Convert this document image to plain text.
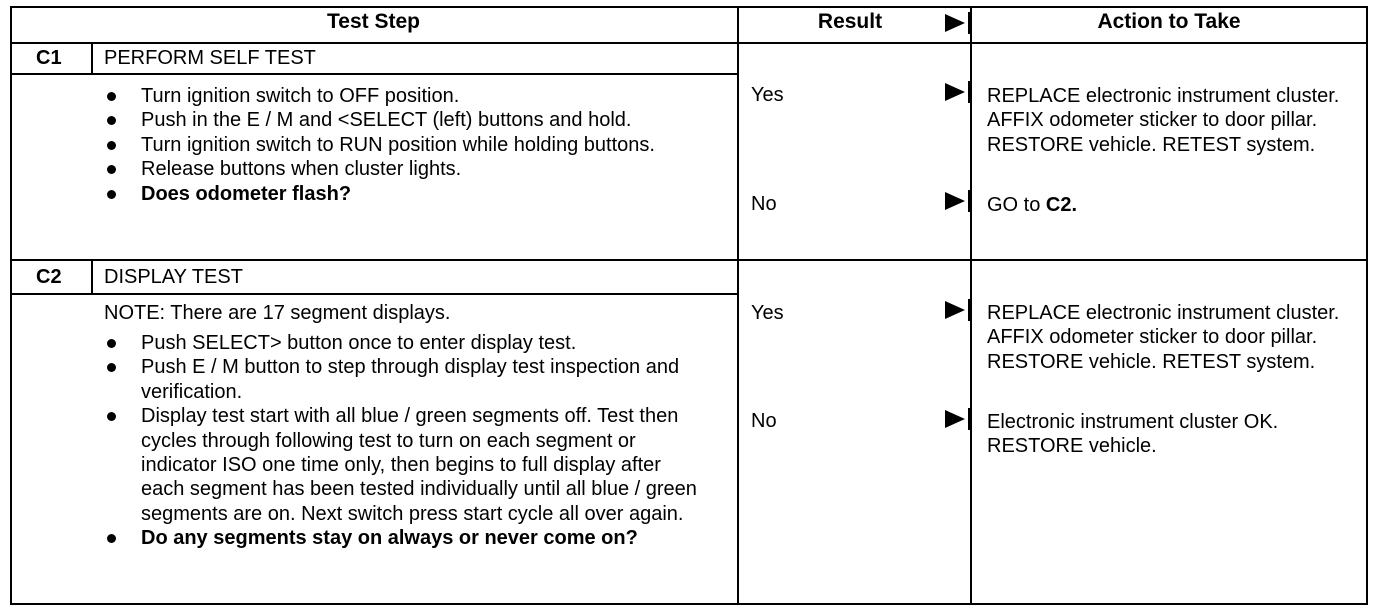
Test Step	Result	Action to Take
C1 PERFORM SELF TEST
Turn ignition switch to OFF position.
Push in the E / M and <SELECT (left) buttons and hold.
Turn ignition switch to RUN position while holding buttons.
Release buttons when cluster lights.
Does odometer flash?
Yes	REPLACE electronic instrument cluster. AFFIX odometer sticker to door pillar. RESTORE vehicle. RETEST system.
No	GO to C2.
C2 DISPLAY TEST
NOTE: There are 17 segment displays.
Push SELECT> button once to enter display test.
Push E / M button to step through display test inspection and verification.
Display test start with all blue / green segments off. Test then cycles through following test to turn on each segment or indicator ISO one time only, then begins to full display after each segment has been tested individually until all blue / green segments are on. Next switch press start cycle all over again.
Do any segments stay on always or never come on?
Yes	REPLACE electronic instrument cluster. AFFIX odometer sticker to door pillar. RESTORE vehicle. RETEST system.
No	Electronic instrument cluster OK. RESTORE vehicle.
